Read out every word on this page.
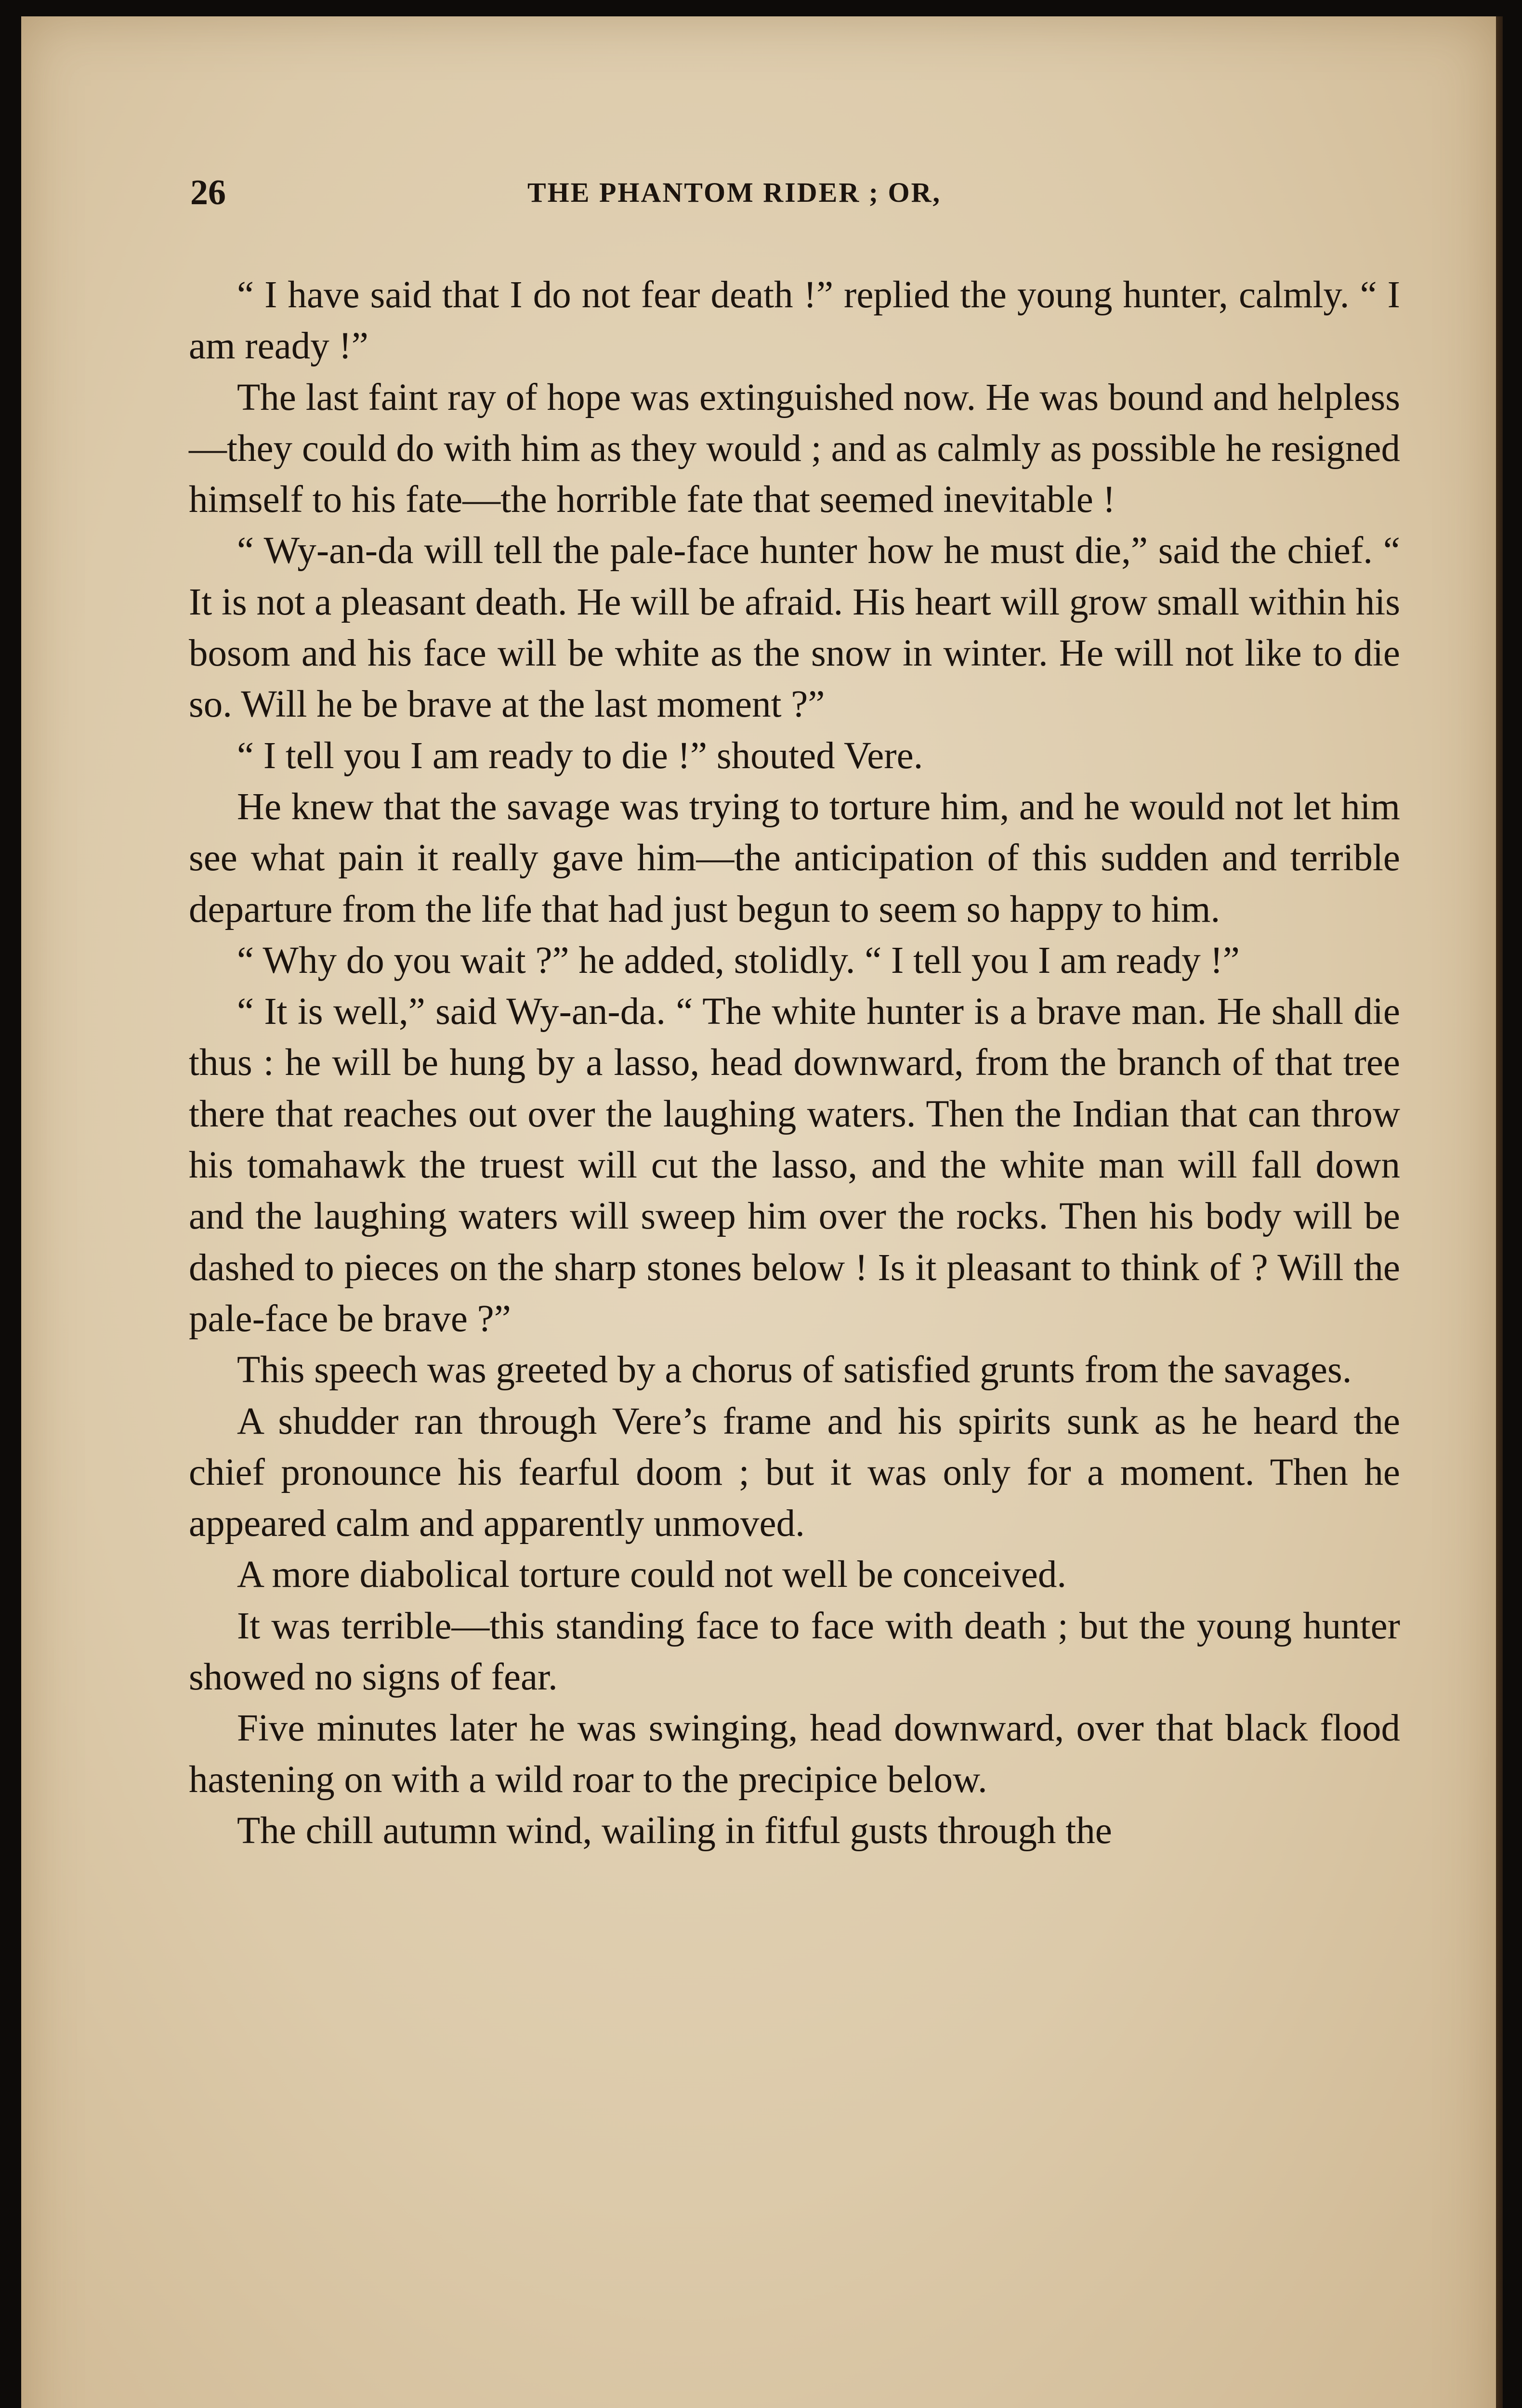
26	THE PHANTOM RIDER ; OR,

“ I have said that I do not fear death !” replied the young hunter, calmly. “ I am ready !”

The last faint ray of hope was extinguished now. He was bound and helpless—they could do with him as they would ; and as calmly as possible he resigned himself to his fate—the horrible fate that seemed inevitable !

“ Wy-an-da will tell the pale-face hunter how he must die,” said the chief. “ It is not a pleasant death. He will be afraid. His heart will grow small within his bosom and his face will be white as the snow in winter. He will not like to die so. Will he be brave at the last moment ?”

“ I tell you I am ready to die !” shouted Vere.

He knew that the savage was trying to torture him, and he would not let him see what pain it really gave him—the anticipation of this sudden and terrible departure from the life that had just begun to seem so happy to him.

“ Why do you wait ?” he added, stolidly. “ I tell you I am ready !”

“ It is well,” said Wy-an-da. “ The white hunter is a brave man. He shall die thus : he will be hung by a lasso, head downward, from the branch of that tree there that reaches out over the laughing waters. Then the Indian that can throw his tomahawk the truest will cut the lasso, and the white man will fall down and the laughing waters will sweep him over the rocks. Then his body will be dashed to pieces on the sharp stones below ! Is it pleasant to think of ? Will the pale-face be brave ?”

This speech was greeted by a chorus of satisfied grunts from the savages.

A shudder ran through Vere’s frame and his spirits sunk as he heard the chief pronounce his fearful doom ; but it was only for a moment. Then he appeared calm and apparently unmoved.

A more diabolical torture could not well be conceived.

It was terrible—this standing face to face with death ; but the young hunter showed no signs of fear.

Five minutes later he was swinging, head downward, over that black flood hastening on with a wild roar to the precipice below.

The chill autumn wind, wailing in fitful gusts through the
